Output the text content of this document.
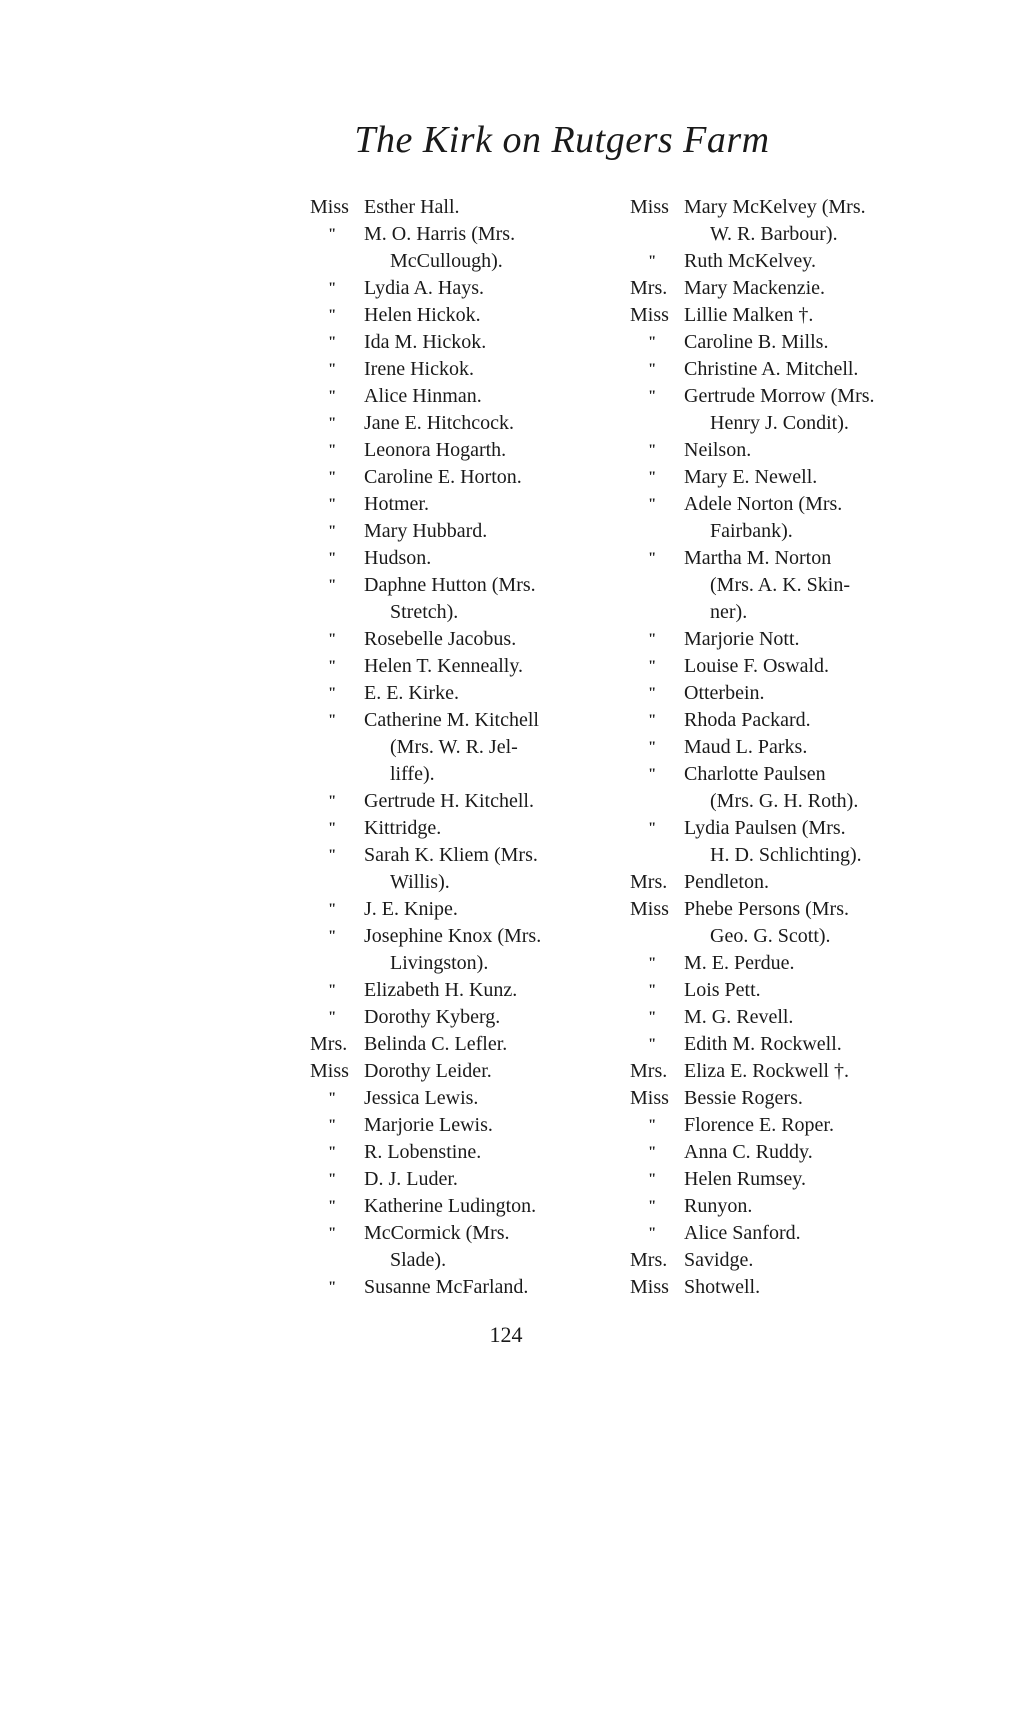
The Kirk on Rutgers Farm
Miss Esther Hall.
" M. O. Harris (Mrs.
McCullough).
" Lydia A. Hays.
" Helen Hickok.
" Ida M. Hickok.
" Irene Hickok.
" Alice Hinman.
" Jane E. Hitchcock.
" Leonora Hogarth.
" Caroline E. Horton.
" Hotmer.
" Mary Hubbard.
" Hudson.
" Daphne Hutton (Mrs.
Stretch).
" Rosebelle Jacobus.
" Helen T. Kenneally.
" E. E. Kirke.
" Catherine M. Kitchell
(Mrs. W. R. Jel-
liffe).
" Gertrude H. Kitchell.
" Kittridge.
" Sarah K. Kliem (Mrs.
Willis).
" J. E. Knipe.
" Josephine Knox (Mrs.
Livingston).
" Elizabeth H. Kunz.
" Dorothy Kyberg.
Mrs. Belinda C. Lefler.
Miss Dorothy Leider.
" Jessica Lewis.
" Marjorie Lewis.
" R. Lobenstine.
" D. J. Luder.
" Katherine Ludington.
" McCormick (Mrs.
Slade).
" Susanne McFarland.
Miss Mary McKelvey (Mrs.
W. R. Barbour).
" Ruth McKelvey.
Mrs. Mary Mackenzie.
Miss Lillie Malken †.
" Caroline B. Mills.
" Christine A. Mitchell.
" Gertrude Morrow (Mrs.
Henry J. Condit).
" Neilson.
" Mary E. Newell.
" Adele Norton (Mrs.
Fairbank).
" Martha M. Norton
(Mrs. A. K. Skin-
ner).
" Marjorie Nott.
" Louise F. Oswald.
" Otterbein.
" Rhoda Packard.
" Maud L. Parks.
" Charlotte Paulsen
(Mrs. G. H. Roth).
" Lydia Paulsen (Mrs.
H. D. Schlichting).
Mrs. Pendleton.
Miss Phebe Persons (Mrs.
Geo. G. Scott).
" M. E. Perdue.
" Lois Pett.
" M. G. Revell.
" Edith M. Rockwell.
Mrs. Eliza E. Rockwell †.
Miss Bessie Rogers.
" Florence E. Roper.
" Anna C. Ruddy.
" Helen Rumsey.
" Runyon.
" Alice Sanford.
Mrs. Savidge.
Miss Shotwell.
124
